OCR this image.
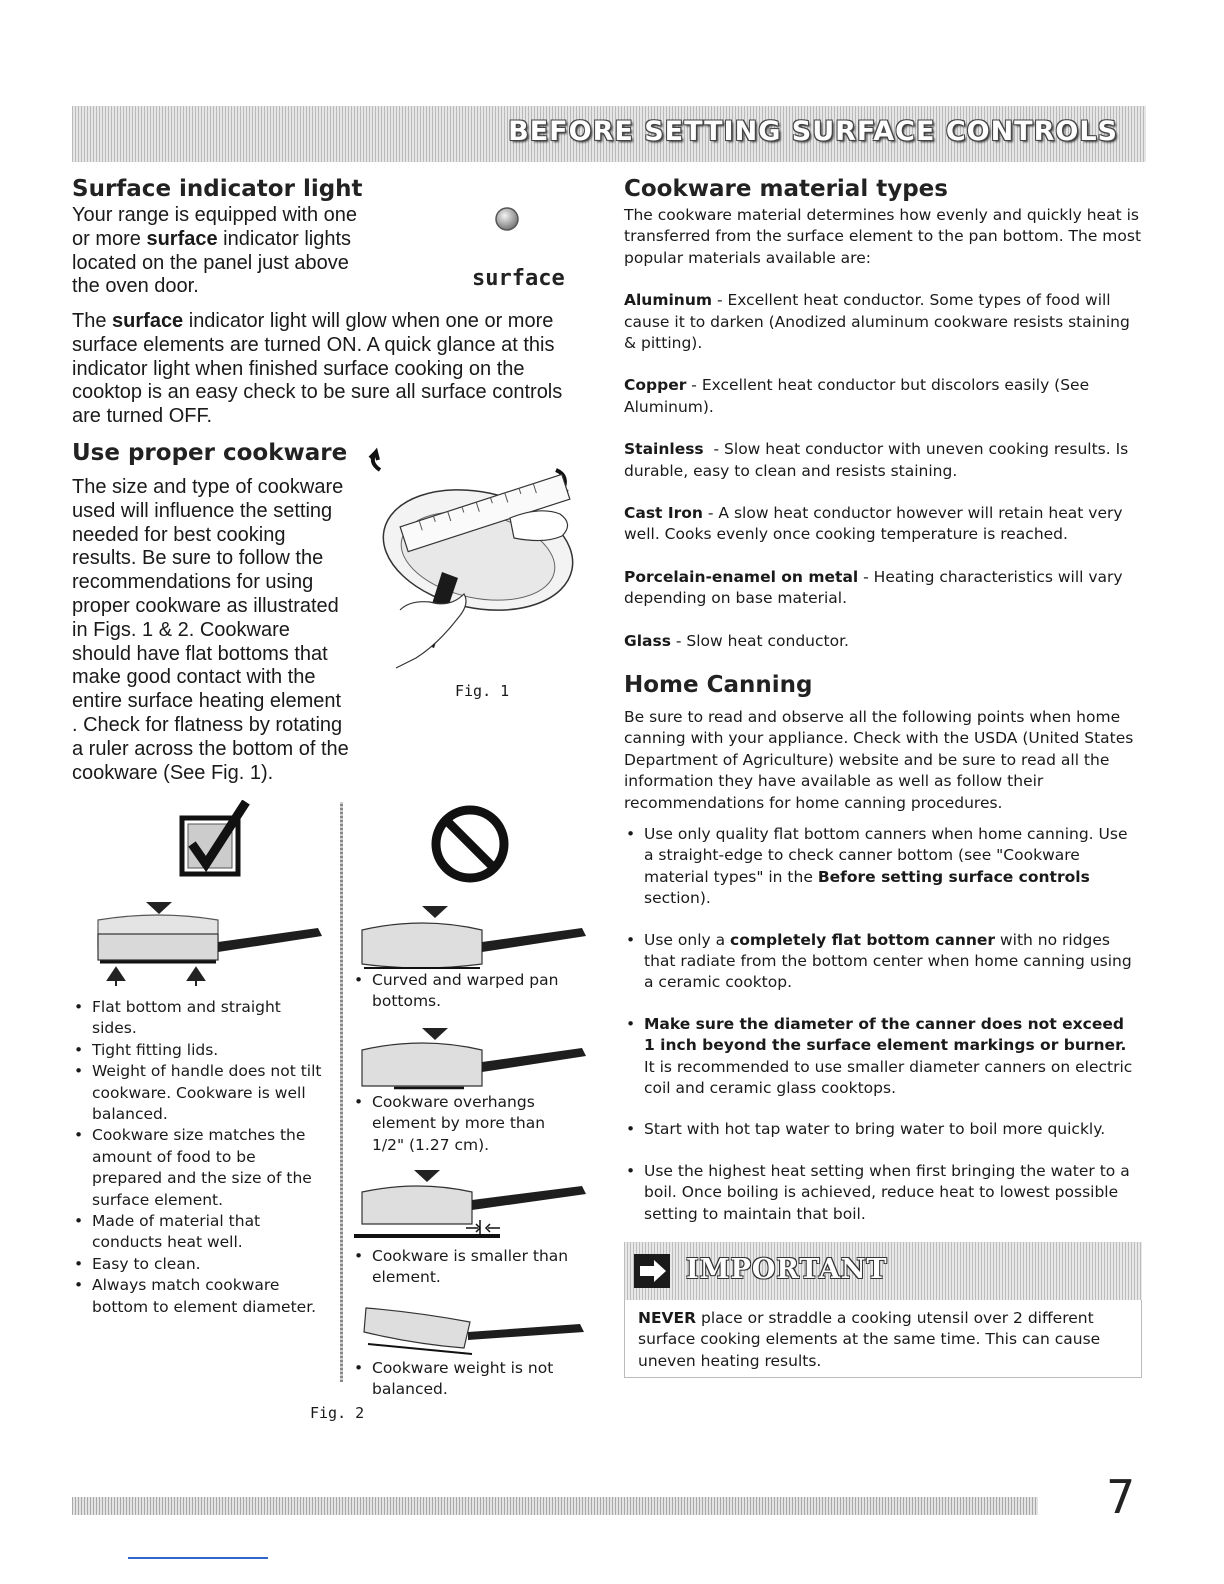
BEFORE SETTING SURFACE CONTROLS
Surface indicator light
Your range is equipped with one or more surface indicator lights located on the panel just above the oven door.	surface
The surface indicator light will glow when one or more surface elements are turned ON. A quick glance at this indicator light when finished surface cooking on the cooktop is an easy check to be sure all surface controls are turned OFF.
Use proper cookware
The size and type of cookware used will influence the setting needed for best cooking results. Be sure to follow the recommendations for using proper cookware as illustrated in Figs. 1 & 2. Cookware should have flat bottoms that make good contact with the entire surface heating element . Check for flatness by rotating a ruler across the bottom of the cookware (See Fig. 1).
Fig. 1
• Flat bottom and straight sides.
• Tight fitting lids.
• Weight of handle does not tilt cookware. Cookware is well balanced.
• Cookware size matches the amount of food to be prepared and the size of the surface element.
• Made of material that conducts heat well.
• Easy to clean.
• Always match cookware bottom to element diameter.
• Curved and warped pan bottoms.
• Cookware overhangs element by more than 1/2" (1.27 cm).
• Cookware is smaller than element.
• Cookware weight is not balanced.
Fig. 2
Cookware material types

The cookware material determines how evenly and quickly heat is transferred from the surface element to the pan bottom. The most popular materials available are:

Aluminum - Excellent heat conductor. Some types of food will cause it to darken (Anodized aluminum cookware resists staining & pitting).

Copper - Excellent heat conductor but discolors easily (See Aluminum).

Stainless  - Slow heat conductor with uneven cooking results. Is durable, easy to clean and resists staining.

Cast Iron - A slow heat conductor however will retain heat very well. Cooks evenly once cooking temperature is reached.

Porcelain-enamel on metal - Heating characteristics will vary depending on base material.

Glass - Slow heat conductor.

Home Canning
Be sure to read and observe all the following points when home canning with your appliance. Check with the USDA (United States Department of Agriculture) website and be sure to read all the information they have available as well as follow their recommendations for home canning procedures.
• Use only quality flat bottom canners when home canning. Use a straight-edge to check canner bottom (see "Cookware material types" in the Before setting surface controls section).
• Use only a completely flat bottom canner with no ridges that radiate from the bottom center when home canning using a ceramic cooktop.
• Make sure the diameter of the canner does not exceed 1 inch beyond the surface element markings or burner. It is recommended to use smaller diameter canners on electric coil and ceramic glass cooktops.
• Start with hot tap water to bring water to boil more quickly.
• Use the highest heat setting when first bringing the water to a boil. Once boiling is achieved, reduce heat to lowest possible setting to maintain that boil.
IMPORTANT
NEVER place or straddle a cooking utensil over 2 different surface cooking elements at the same time. This can cause uneven heating results.
7
